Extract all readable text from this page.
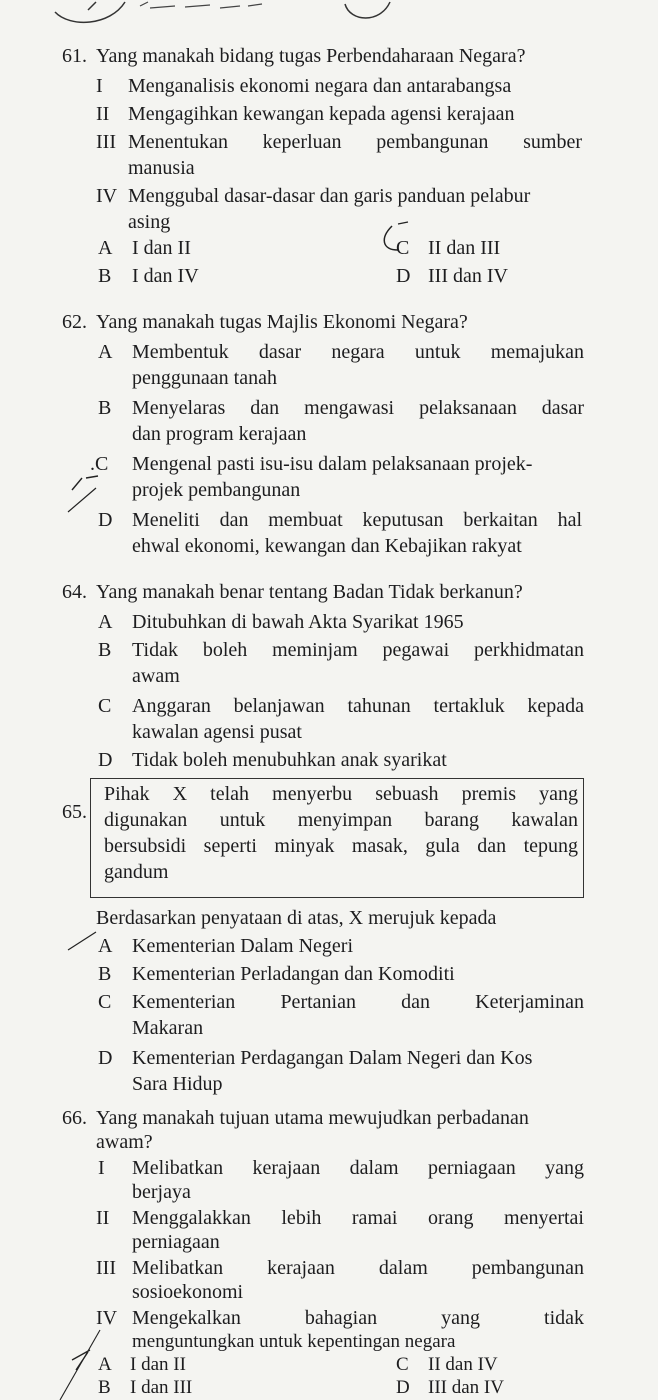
61. Yang manakah bidang tugas Perbendaharaan Negara?
I Menganalisis ekonomi negara dan antarabangsa
II Mengagihkan kewangan kepada agensi kerajaan
III Menentukan keperluan pembangunan sumber
manusia
IV Menggubal dasar-dasar dan garis panduan pelabur
asing
A I dan II	C II dan III
B I dan IV	D III dan IV
62. Yang manakah tugas Majlis Ekonomi Negara?
A Membentuk dasar negara untuk memajukan
penggunaan tanah
B Menyelaras dan mengawasi pelaksanaan dasar
dan program kerajaan
.C Mengenal pasti isu-isu dalam pelaksanaan projek-
projek pembangunan
D Meneliti dan membuat keputusan berkaitan hal
ehwal ekonomi, kewangan dan Kebajikan rakyat
64. Yang manakah benar tentang Badan Tidak berkanun?
A Ditubuhkan di bawah Akta Syarikat 1965
B Tidak boleh meminjam pegawai perkhidmatan
awam
C Anggaran belanjawan tahunan tertakluk kepada
kawalan agensi pusat
D Tidak boleh menubuhkan anak syarikat
65.
Pihak X telah menyerbu sebuash premis yang
digunakan untuk menyimpan barang kawalan
bersubsidi seperti minyak masak, gula dan tepung
gandum
Berdasarkan penyataan di atas, X merujuk kepada
A Kementerian Dalam Negeri
B Kementerian Perladangan dan Komoditi
C Kementerian Pertanian dan Keterjaminan
Makaran
D Kementerian Perdagangan Dalam Negeri dan Kos
Sara Hidup
66. Yang manakah tujuan utama mewujudkan perbadanan
awam?
I Melibatkan kerajaan dalam perniagaan yang
berjaya
II Menggalakkan lebih ramai orang menyertai
perniagaan
III Melibatkan kerajaan dalam pembangunan
sosioekonomi
IV Mengekalkan bahagian yang tidak
menguntungkan untuk kepentingan negara
A I dan II	C II dan IV
B I dan III	D III dan IV
